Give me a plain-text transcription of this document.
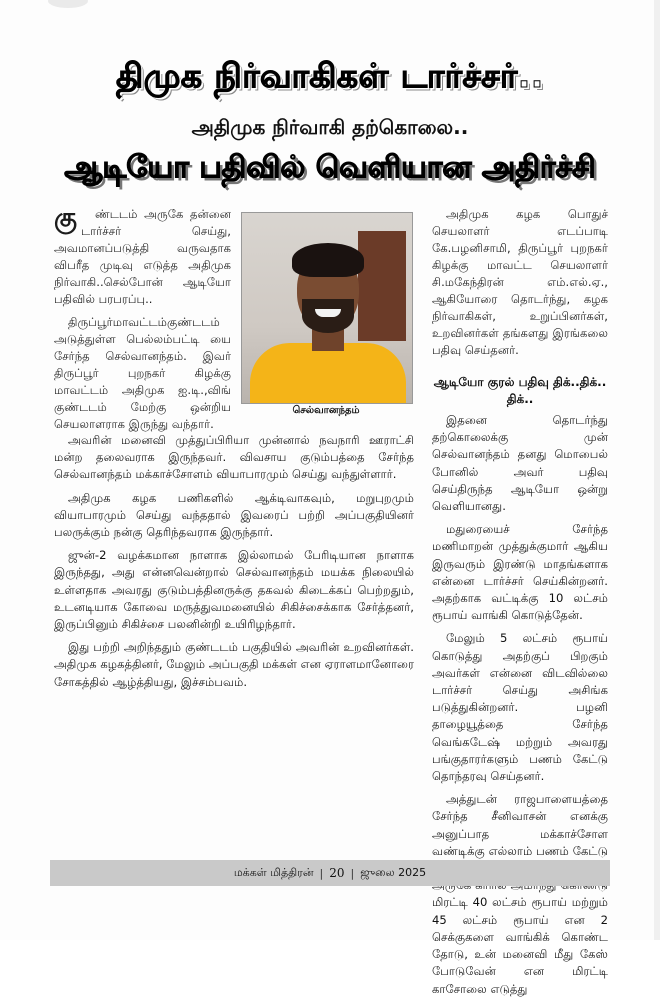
திமுக நிர்வாகிகள் டார்ச்சர்..
அதிமுக நிர்வாகி தற்கொலை..
ஆடியோ பதிவில் வெளியான அதிர்ச்சி

கு ண்டடம் அருகே தன்னை டார்ச்சர் செய்து, அவமானப்படுத்தி வருவதாக விபரீத முடிவு எடுத்த அதிமுக நிர்வாகி..செல்போன் ஆடியோ பதிவில் பரபரப்பு..

திருப்பூர்மாவட்டம்குண்டடம் அடுத்துள்ள பெல்லம்பட்டி யை சேர்ந்த செல்வானந்தம். இவர் திருப்பூர் புறநகர் கிழக்கு மாவட்டம் அதிமுக ஐ.டி.,விங் குண்டடம் மேற்கு ஒன்றிய செயலாளராக இருந்து வந்தார்.

செல்வானந்தம்

அவரின் மனைவி முத்துப்பிரியா முன்னால் நவநாரி ஊராட்சி மன்ற தலைவராக இருந்தவர். விவசாய குடும்பத்தை சேர்ந்த செல்வானந்தம் மக்காச்சோளம் வியாபாரமும் செய்து வந்துள்ளார்.

அதிமுக கழக பணிகளில் ஆக்டிவாகவும், மறுபுறமும் வியாபாரமும் செய்து வந்ததால் இவரைப் பற்றி அப்பகுதியினர் பலருக்கும் நன்கு தெரிந்தவராக இருந்தார்.

ஜுன்-2 வழக்கமான நாளாக இல்லாமல் பேரிடியான நாளாக இருந்தது, அது என்னவென்றால் செல்வானந்தம் மயக்க நிலையில் உள்ளதாக அவரது குடும்பத்தினருக்கு தகவல் கிடைக்கப் பெற்றதும், உடனடியாக கோவை மருத்துவமனையில் சிகிச்சைக்காக சேர்த்தனர், இருப்பினும் சிகிச்சை பலனின்றி உயிரிழந்தார்.

இது பற்றி அறிந்ததும் குண்டடம் பகுதியில் அவரின் உறவினர்கள். அதிமுக கழகத்தினர், மேலும் அப்பகுதி மக்கள் என ஏராளமானோரை சோகத்தில் ஆழ்த்தியது, இச்சம்பவம்.

அதிமுக கழக பொதுச் செயலாளர் எடப்பாடி கே.பழனிசாமி, திருப்பூர் புறநகர் கிழக்கு மாவட்ட செயலாளர் சி.மகேந்திரன் எம்.எல்.ஏ., ஆகியோரை தொடர்ந்து, கழக நிர்வாகிகள், உறுப்பினர்கள், உறவினர்கள் தங்களது இரங்கலை பதிவு செய்தனர்.

ஆடியோ குரல் பதிவு திக்..திக்.. திக்..

இதனை தொடர்ந்து தற்கொலைக்கு முன் செல்வானந்தம் தனது மொபைல் போனில் அவர் பதிவு செய்திருந்த ஆடியோ ஒன்று வெளியானது.

மதுரையைச் சேர்ந்த மணிமாறன் முத்துக்குமார் ஆகிய இருவரும் இரண்டு மாதங்களாக என்னை டார்ச்சர் செய்கின்றனர். அதற்காக வட்டிக்கு 10 லட்சம் ரூபாய் வாங்கி கொடுத்தேன்.

மேலும் 5 லட்சம் ரூபாய் கொடுத்து அதற்குப் பிறகும் அவர்கள் என்னை விடவில்லை டார்ச்சர் செய்து அசிங்க படுத்துகின்றனர். பழனி தாழையூத்தை சேர்ந்த வெங்கடேஷ் மற்றும் அவரது பங்குதாரர்களும் பணம் கேட்டு தொந்தரவு செய்தனர்.

அத்துடன் ராஜபாளையத்தை சேர்ந்த சீனிவாசன் எனக்கு அனுப்பாத மக்காச்சோள வண்டிக்கு எல்லாம் பணம் கேட்டு மிரட்டி 40 லட்சம் ரூபாய் மற்றும் 45 லட்சம் ரூபாய் என 2 செக்குகளை வாங்கிக் கொண்ட தோடு, உன் மனைவி மீது கேஸ் போடுவேன் என மிரட்டி காசோலை எடுத்து

மக்கள் மித்திரன் | 20 | ஜுலை 2025
